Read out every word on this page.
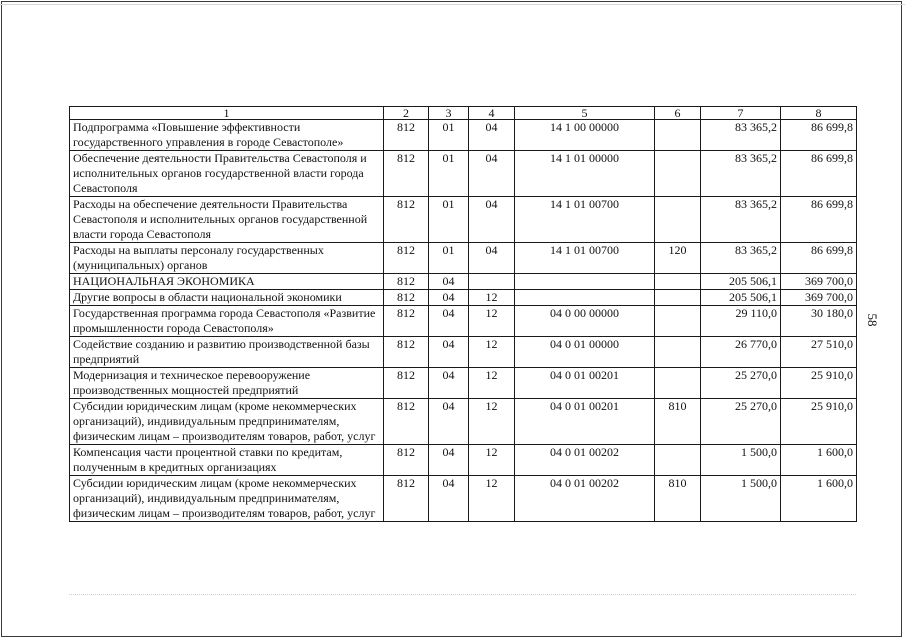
1	2	3	4	5	6	7	8
Подпрограмма «Повышение эффективности государственного управления в городе Севастополе»	812	01	04	14 1 00 00000		83 365,2	86 699,8
Обеспечение деятельности Правительства Севастополя и исполнительных органов государственной власти города Севастополя	812	01	04	14 1 01 00000		83 365,2	86 699,8
Расходы на обеспечение деятельности Правительства Севастополя и исполнительных органов государственной власти города Севастополя	812	01	04	14 1 01 00700		83 365,2	86 699,8
Расходы на выплаты персоналу государственных (муниципальных) органов	812	01	04	14 1 01 00700	120	83 365,2	86 699,8
НАЦИОНАЛЬНАЯ ЭКОНОМИКА	812	04				205 506,1	369 700,0
Другие вопросы в области национальной экономики	812	04	12			205 506,1	369 700,0
Государственная программа города Севастополя «Развитие промышленности города Севастополя»	812	04	12	04 0 00 00000		29 110,0	30 180,0
Содействие созданию и развитию производственной базы предприятий	812	04	12	04 0 01 00000		26 770,0	27 510,0
Модернизация и техническое перевооружение производственных мощностей предприятий	812	04	12	04 0 01 00201		25 270,0	25 910,0
Субсидии юридическим лицам (кроме некоммерческих организаций), индивидуальным предпринимателям, физическим лицам – производителям товаров, работ, услуг	812	04	12	04 0 01 00201	810	25 270,0	25 910,0
Компенсация части процентной ставки по кредитам, полученным в кредитных организациях	812	04	12	04 0 01 00202		1 500,0	1 600,0
Субсидии юридическим лицам (кроме некоммерческих организаций), индивидуальным предпринимателям, физическим лицам – производителям товаров, работ, услуг	812	04	12	04 0 01 00202	810	1 500,0	1 600,0
58
